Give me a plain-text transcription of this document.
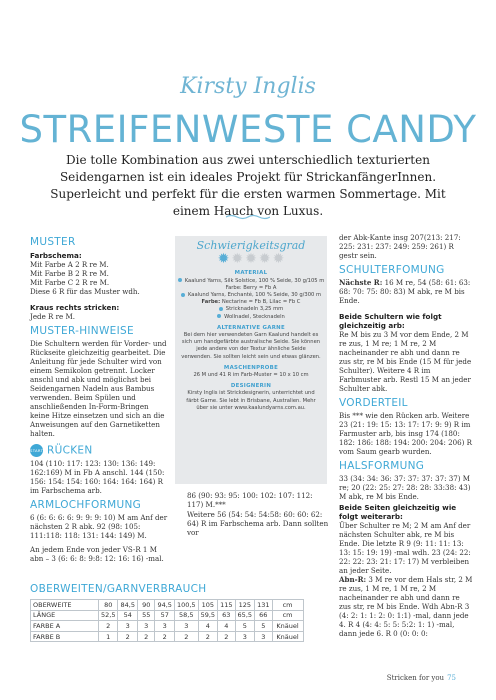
Kirsty Inglis
STREIFENWESTE CANDY
Die tolle Kombination aus zwei unterschiedlich texturierten Seidengarnen ist ein ideales Projekt für StrickanfängerInnen. Superleicht und perfekt für die ersten warmen Sommertage. Mit einem Hauch von Luxus.
MUSTER
Farbschema:
Mit Farbe A 2 R re M.
Mit Farbe B 2 R re M.
Mit Farbe C 2 R re M.
Diese 6 R für das Muster wdh.
Kraus rechts stricken:
Jede R re M.
MUSTER-HINWEISE
Die Schultern werden für Vorder- und Rückseite gleichzeitig gearbeitet. Die Anleitung für jede Schulter wird von einem Semikolon getrennt. Locker anschl und abk und möglichst bei Seidengarnen Nadeln aus Bambus verwenden. Beim Spülen und anschließenden In-Form-Bringen keine Hitze einsetzen und sich an die Anweisungen auf den Garnetiketten halten.
START RÜCKEN
104 (110: 117: 123: 130: 136: 149: 162:169) M in Fb A anschl. 144 (150: 156: 154: 154: 160: 164: 164: 164) R im Farbschema arb.
ARMLOCHFORMUNG
6 (6: 6: 6: 6: 9: 9: 9: 10) M am Anf der nächsten 2 R abk. 92 (98: 105: 111:118: 118: 131: 144: 149) M.
An jedem Ende von jeder VS-R 1 M abn – 3 (6: 6: 8: 9:8: 12: 16: 16) -mal.
Schwierigkeitsgrad
✹ ✹ ✹ ✹ ✹
MATERIAL
Kaalund Yarns, Silk Solstice, 100 % Seide, 30 g/105 m
Farbe: Berry = Fb A
Kaalund Yarns, Enchanté, 100 % Seide, 30 g/300 m
Farbe: Nectarine = Fb B, Lilac = Fb C
Stricknadeln 3,25 mm
Wollnadel, Stecknadeln
ALTERNATIVE GARNE
Bei dem hier verwendeten Garn Kaalund handelt es sich um handgefärbte australische Seide. Sie können jede andere von der Textur ähnliche Seide verwenden. Sie sollten leicht sein und etwas glänzen.
MASCHENPROBE
26 M und 41 R im Farb-Muster = 10 x 10 cm
DESIGNERIN
Kirsty Inglis ist Strickdesignerin, unterrichtet und färbt Garne. Sie lebt in Brisbane, Australien. Mehr über sie unter www.kaalundyarns.com.au.
86 (90: 93: 95: 100: 102: 107: 112: 117) M.***
Weitere 56 (54: 54: 54:58: 60: 60: 62: 64) R im Farbschema arb. Dann sollten vor
der Abk-Kante insg 207(213: 217: 225: 231: 237: 249: 259: 261) R gestr sein.
SCHULTERFOMUNG
Nächste R: 16 M re, 54 (58: 61: 63: 68: 70: 75: 80: 83) M abk, re M bis Ende.
Beide Schultern wie folgt gleichzeitig arb:
Re M bis zu 3 M vor dem Ende, 2 M re zus, 1 M re; 1 M re, 2 M nacheinander re abh und dann re zus str, re M bis Ende (15 M für jede Schulter). Weitere 4 R im Farbmuster arb. Restl 15 M an jeder Schulter abk.
VORDERTEIL
Bis *** wie den Rücken arb. Weitere 23 (21: 19: 15: 13: 17: 17: 9: 9) R im Farmuster arb, bis insg 174 (180: 182: 186: 188: 194: 200: 204: 206) R vom Saum gearb wurden.
HALSFORMUNG
33 (34: 34: 36: 37: 37: 37: 37: 37) M re; 20 (22: 25: 27: 28: 28: 33:38: 43) M abk, re M bis Ende.
Beide Seiten gleichzeitig wie folgt weiterarb:
Über Schulter re M; 2 M am Anf der nächsten Schulter abk, re M bis Ende. Die letzte R 9 (9: 11: 11: 13: 13: 15: 19: 19) -mal wdh. 23 (24: 22: 22: 22: 23: 21: 17: 17) M verbleiben an jeder Seite.
Abn-R: 3 M re vor dem Hals str, 2 M re zus, 1 M re, 1 M re, 2 M nacheinander re abh und dann re zus str, re M bis Ende. Wdh Abn-R 3 (4: 2: 1: 1: 2: 0: 1:1) -mal, dann jede 4. R 4 (4: 4: 5: 5: 5:2: 1: 1) -mal, dann jede 6. R 0 (0: 0: 0:
OBERWEITEN/GARNVERBRAUCH
OBERWEITE	80	84,5	90	94,5	100,5	105	115	125	131	cm
LÄNGE	52,5	54	55	57	58,5	59,5	63	65,5	66	cm
FARBE A	2	3	3	3	3	4	4	5	5	Knäuel
FARBE B	1	2	2	2	2	2	2	3	3	Knäuel
Stricken for you 75
